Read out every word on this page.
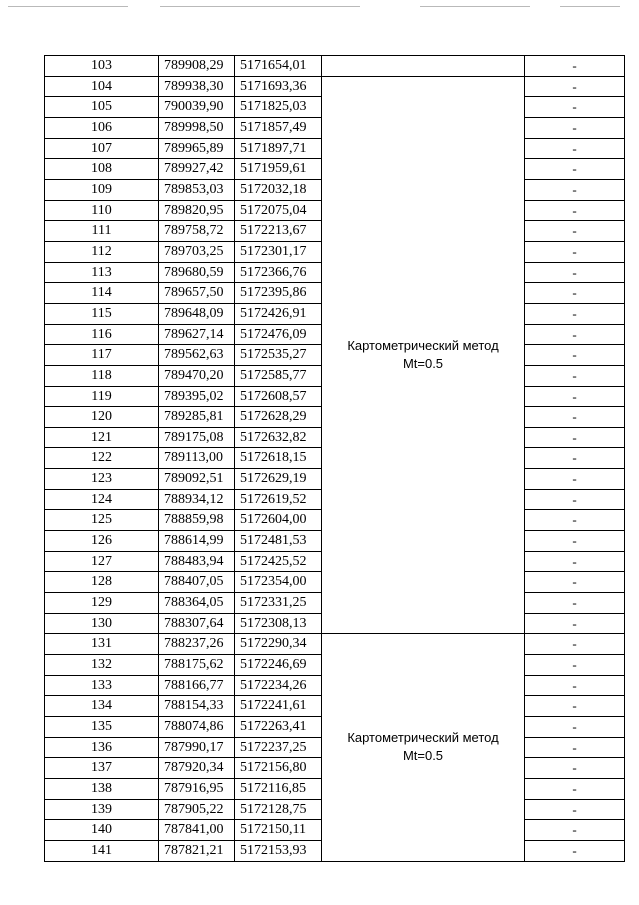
103	789908,29	5171654,01		-
104	789938,30	5171693,36	Картометрический метод
Mt=0.5	-
105	790039,90	5171825,03		-
106	789998,50	5171857,49		-
107	789965,89	5171897,71		-
108	789927,42	5171959,61		-
109	789853,03	5172032,18		-
110	789820,95	5172075,04		-
111	789758,72	5172213,67		-
112	789703,25	5172301,17		-
113	789680,59	5172366,76		-
114	789657,50	5172395,86		-
115	789648,09	5172426,91		-
116	789627,14	5172476,09		-
117	789562,63	5172535,27		-
118	789470,20	5172585,77		-
119	789395,02	5172608,57		-
120	789285,81	5172628,29		-
121	789175,08	5172632,82		-
122	789113,00	5172618,15		-
123	789092,51	5172629,19		-
124	788934,12	5172619,52		-
125	788859,98	5172604,00		-
126	788614,99	5172481,53		-
127	788483,94	5172425,52		-
128	788407,05	5172354,00		-
129	788364,05	5172331,25		-
130	788307,64	5172308,13		-
131	788237,26	5172290,34	Картометрический метод
Mt=0.5	-
132	788175,62	5172246,69		-
133	788166,77	5172234,26		-
134	788154,33	5172241,61		-
135	788074,86	5172263,41		-
136	787990,17	5172237,25		-
137	787920,34	5172156,80		-
138	787916,95	5172116,85		-
139	787905,22	5172128,75		-
140	787841,00	5172150,11		-
141	787821,21	5172153,93		-
